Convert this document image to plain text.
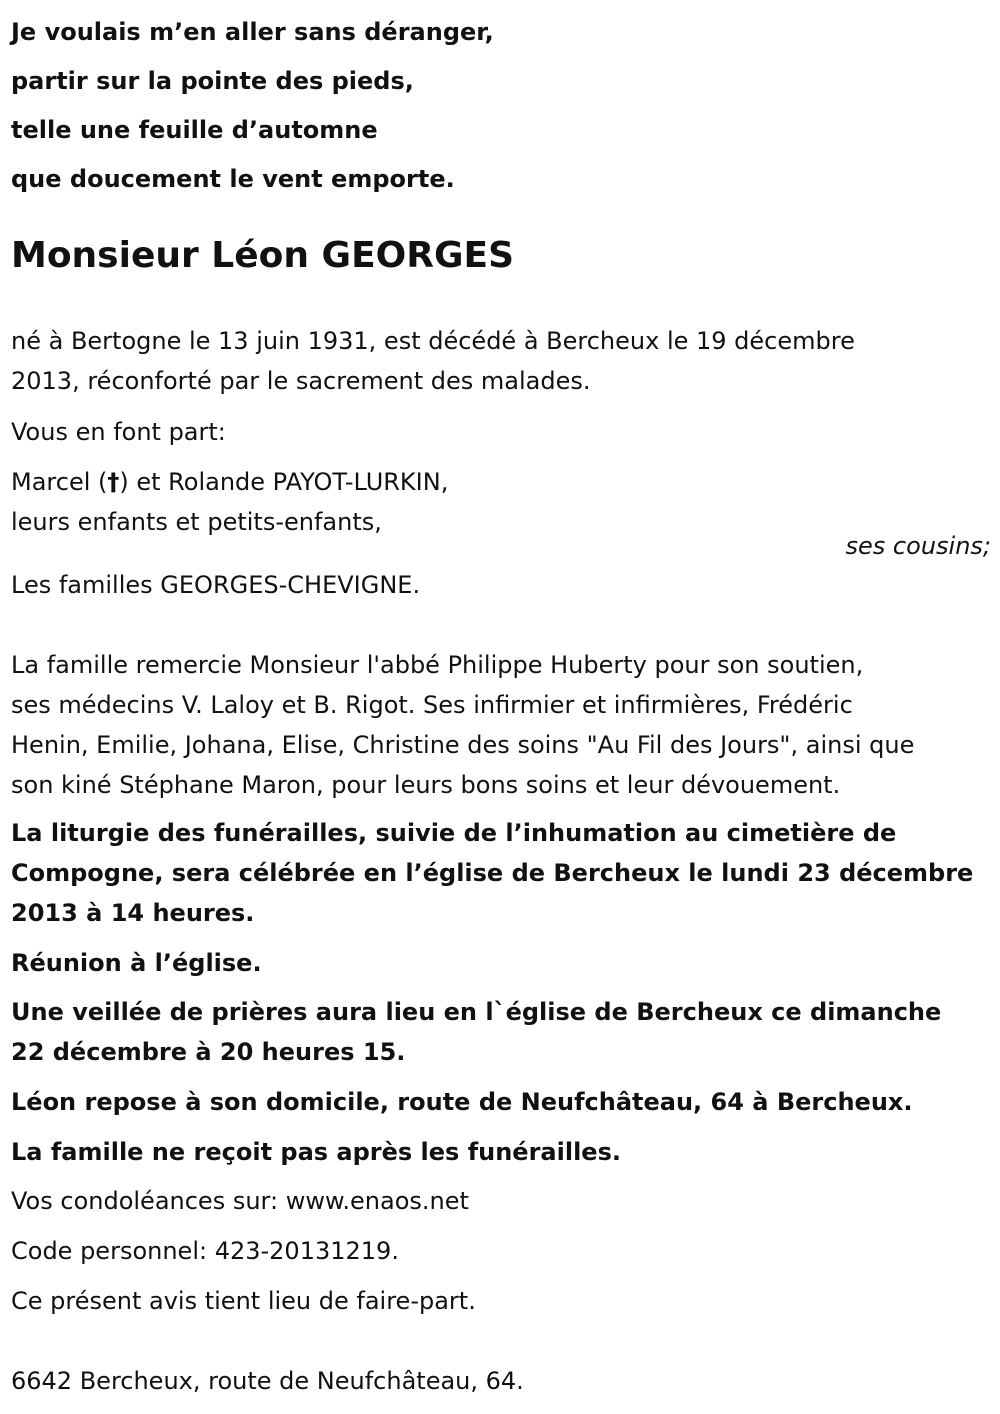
Je voulais m’en aller sans déranger,
partir sur la pointe des pieds,
telle une feuille d’automne
que doucement le vent emporte.
Monsieur Léon GEORGES
né à Bertogne le 13 juin 1931, est décédé à Bercheux le 19 décembre
2013, réconforté par le sacrement des malades.
Vous en font part:
Marcel (†) et Rolande PAYOT-LURKIN,
leurs enfants et petits-enfants,
ses cousins;
Les familles GEORGES-CHEVIGNE.
La famille remercie Monsieur l'abbé Philippe Huberty pour son soutien,
ses médecins V. Laloy et B. Rigot. Ses infirmier et infirmières, Frédéric
Henin, Emilie, Johana, Elise, Christine des soins "Au Fil des Jours", ainsi que
son kiné Stéphane Maron, pour leurs bons soins et leur dévouement.
La liturgie des funérailles, suivie de l’inhumation au cimetière de
Compogne, sera célébrée en l’église de Bercheux le lundi 23 décembre
2013 à 14 heures.
Réunion à l’église.
Une veillée de prières aura lieu en l`église de Bercheux ce dimanche
22 décembre à 20 heures 15.
Léon repose à son domicile, route de Neufchâteau, 64 à Bercheux.
La famille ne reçoit pas après les funérailles.
Vos condoléances sur: www.enaos.net
Code personnel: 423-20131219.
Ce présent avis tient lieu de faire-part.
6642 Bercheux, route de Neufchâteau, 64.
